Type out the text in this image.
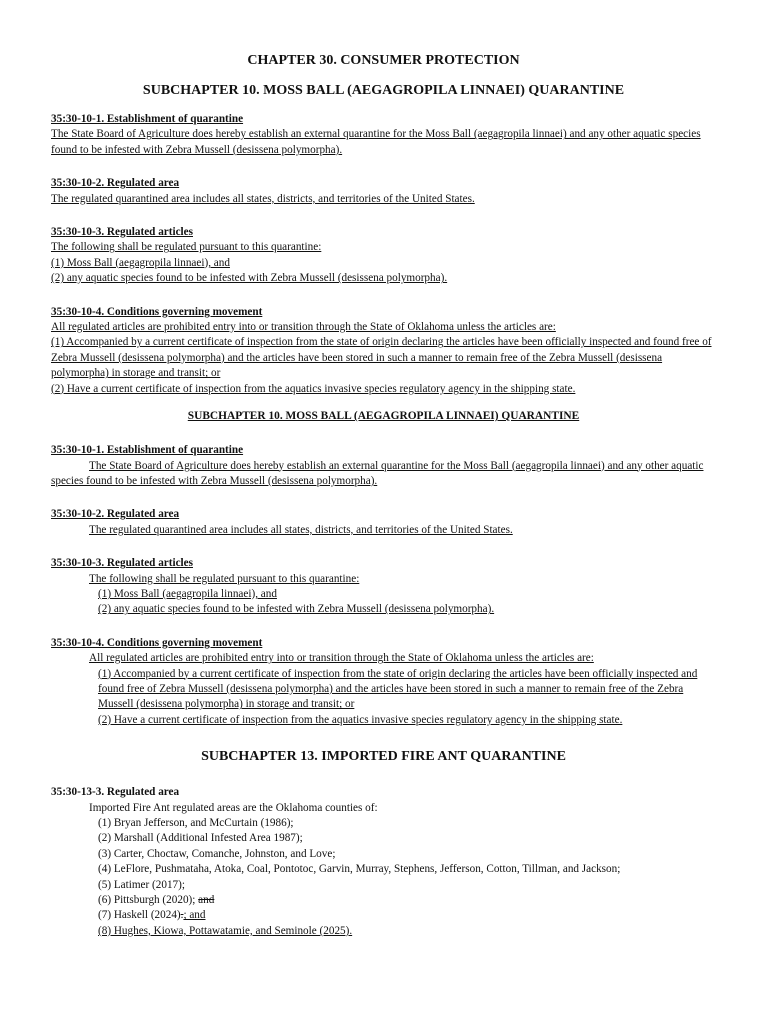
CHAPTER 30. CONSUMER PROTECTION

SUBCHAPTER 10. MOSS BALL (AEGAGROPILA LINNAEI) QUARANTINE

35:30-10-1. Establishment of quarantine

The State Board of Agriculture does hereby establish an external quarantine for the Moss Ball (aegagropila linnaei) and any other aquatic species found to be infested with Zebra Mussell (desissena polymorpha).

35:30-10-2. Regulated area

The regulated quarantined area includes all states, districts, and territories of the United States.

35:30-10-3. Regulated articles

The following shall be regulated pursuant to this quarantine:

(1) Moss Ball (aegagropila linnaei), and

(2) any aquatic species found to be infested with Zebra Mussell (desissena polymorpha).

35:30-10-4. Conditions governing movement

All regulated articles are prohibited entry into or transition through the State of Oklahoma unless the articles are:

(1) Accompanied by a current certificate of inspection from the state of origin declaring the articles have been officially inspected and found free of Zebra Mussell (desissena polymorpha) and the articles have been stored in such a manner to remain free of the Zebra Mussell (desissena polymorpha) in storage and transit; or

(2) Have a current certificate of inspection from the aquatics invasive species regulatory agency in the shipping state.

SUBCHAPTER 10. MOSS BALL (AEGAGROPILA LINNAEI) QUARANTINE

35:30-10-1. Establishment of quarantine

The State Board of Agriculture does hereby establish an external quarantine for the Moss Ball (aegagropila linnaei) and any other aquatic species found to be infested with Zebra Mussell (desissena polymorpha).

35:30-10-2. Regulated area

The regulated quarantined area includes all states, districts, and territories of the United States.

35:30-10-3. Regulated articles

The following shall be regulated pursuant to this quarantine:

(1) Moss Ball (aegagropila linnaei), and

(2) any aquatic species found to be infested with Zebra Mussell (desissena polymorpha).

35:30-10-4. Conditions governing movement

All regulated articles are prohibited entry into or transition through the State of Oklahoma unless the articles are:

(1) Accompanied by a current certificate of inspection from the state of origin declaring the articles have been officially inspected and found free of Zebra Mussell (desissena polymorpha) and the articles have been stored in such a manner to remain free of the Zebra Mussell (desissena polymorpha) in storage and transit; or

(2) Have a current certificate of inspection from the aquatics invasive species regulatory agency in the shipping state.

SUBCHAPTER 13. IMPORTED FIRE ANT QUARANTINE

35:30-13-3. Regulated area

Imported Fire Ant regulated areas are the Oklahoma counties of:

(1) Bryan Jefferson, and McCurtain (1986);

(2) Marshall (Additional Infested Area 1987);

(3) Carter, Choctaw, Comanche, Johnston, and Love;

(4) LeFlore, Pushmataha, Atoka, Coal, Pontotoc, Garvin, Murray, Stephens, Jefferson, Cotton, Tillman, and Jackson;

(5) Latimer (2017);

(6) Pittsburgh (2020); and

(7) Haskell (2024).; and

(8) Hughes, Kiowa, Pottawatamie, and Seminole (2025).
